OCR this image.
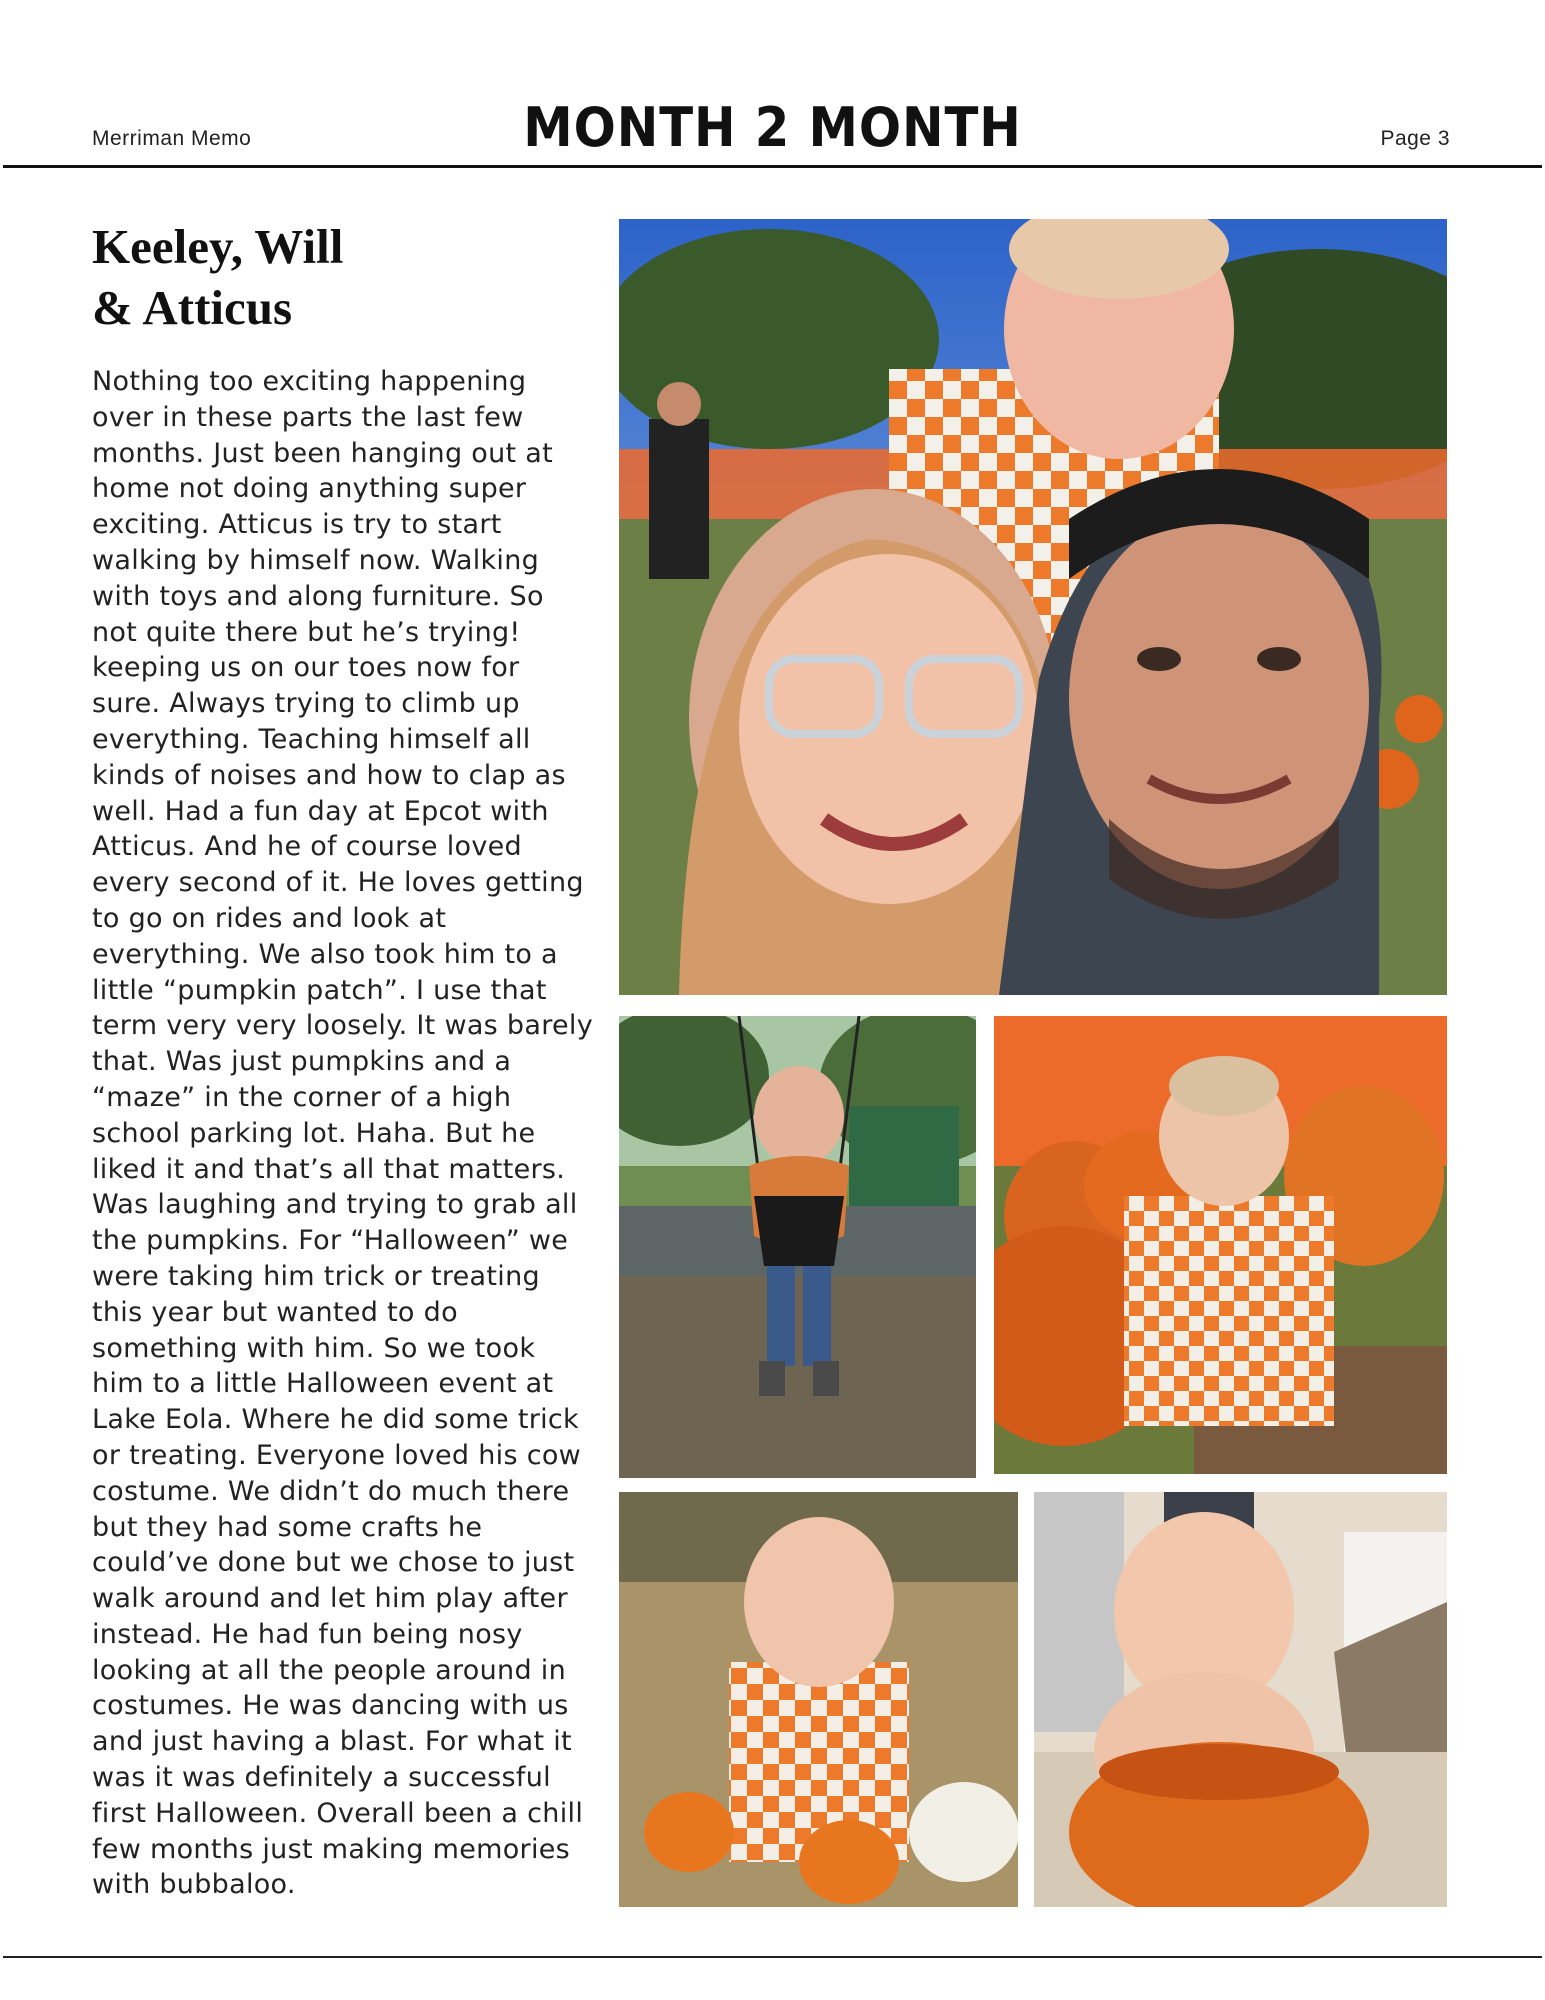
Merriman Memo	MONTH 2 MONTH	Page 3
Keeley, Will
& Atticus
Nothing too exciting happening
over in these parts the last few
months. Just been hanging out at
home not doing anything super
exciting. Atticus is try to start
walking by himself now. Walking
with toys and along furniture. So
not quite there but he’s trying!
keeping us on our toes now for
sure. Always trying to climb up
everything. Teaching himself all
kinds of noises and how to clap as
well. Had a fun day at Epcot with
Atticus. And he of course loved
every second of it. He loves getting
to go on rides and look at
everything. We also took him to a
little “pumpkin patch”. I use that
term very very loosely. It was barely
that. Was just pumpkins and a
“maze” in the corner of a high
school parking lot. Haha. But he
liked it and that’s all that matters.
Was laughing and trying to grab all
the pumpkins. For “Halloween” we
were taking him trick or treating
this year but wanted to do
something with him. So we took
him to a little Halloween event at
Lake Eola. Where he did some trick
or treating. Everyone loved his cow
costume. We didn’t do much there
but they had some crafts he
could’ve done but we chose to just
walk around and let him play after
instead. He had fun being nosy
looking at all the people around in
costumes. He was dancing with us
and just having a blast. For what it
was it was definitely a successful
first Halloween. Overall been a chill
few months just making memories
with bubbaloo.
